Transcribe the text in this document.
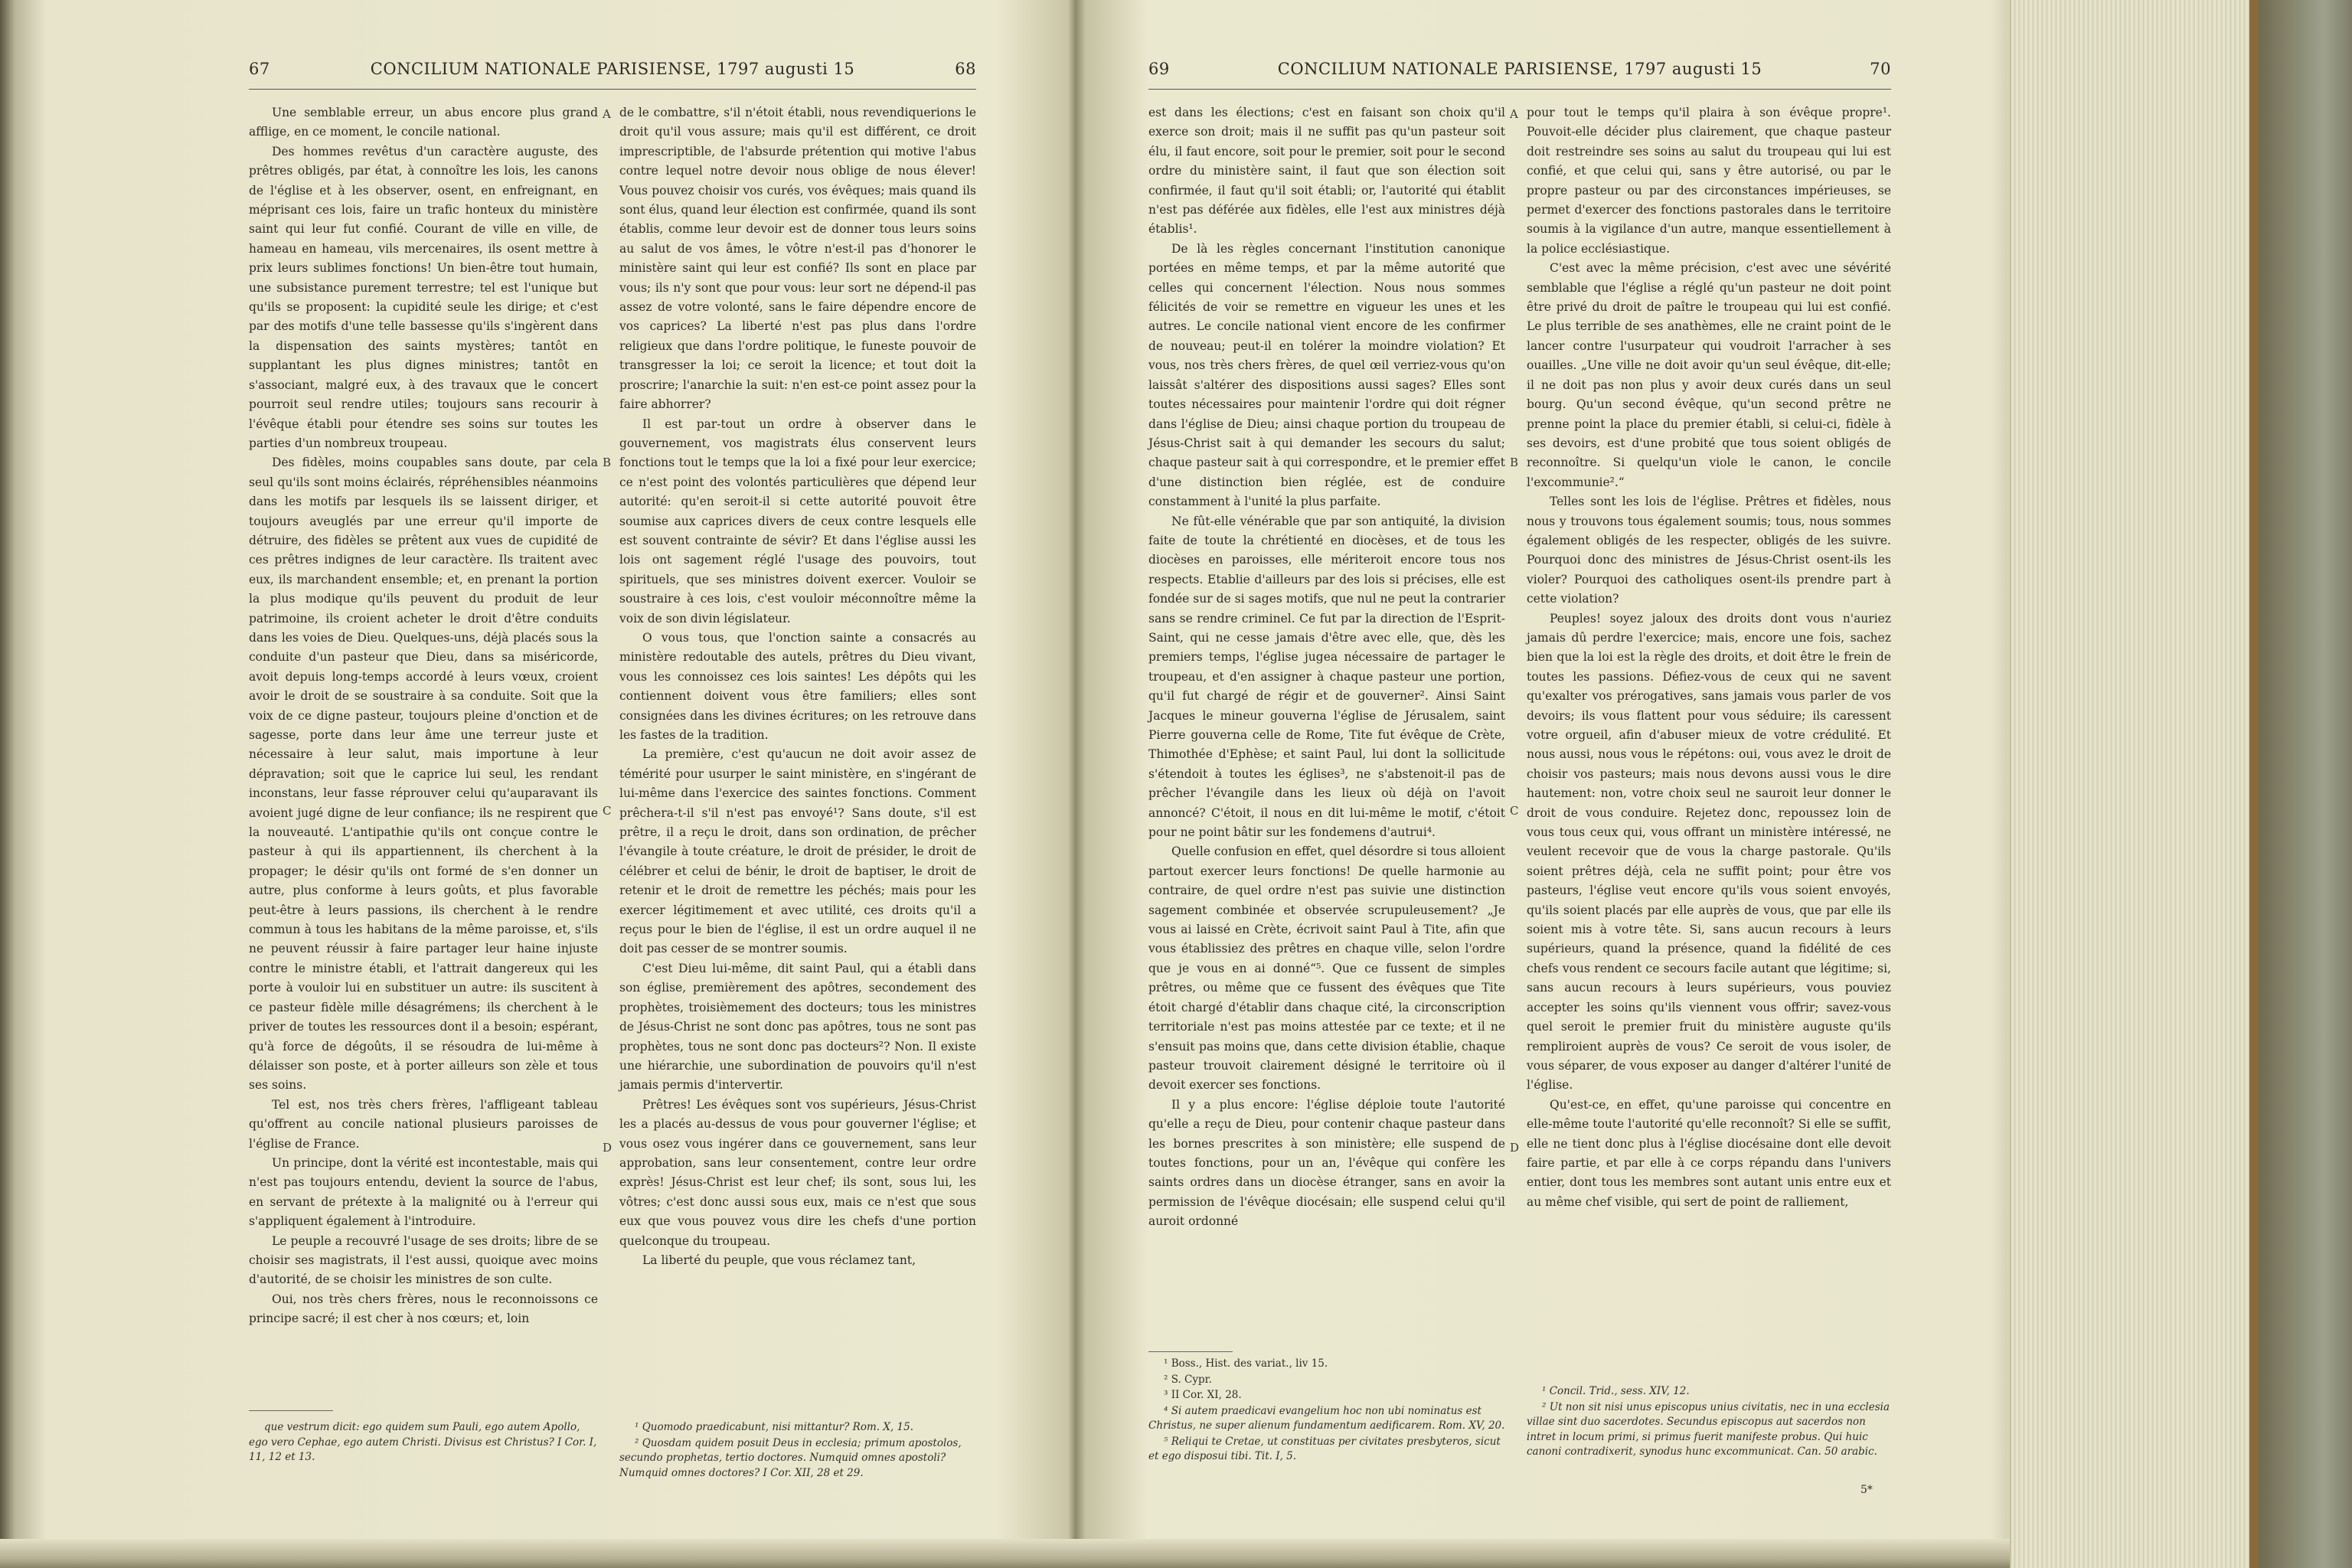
67	CONCILIUM NATIONALE PARISIENSE, 1797 augusti 15	68

Une semblable erreur, un abus encore plus grand afflige, en ce moment, le concile national.

Des hommes revêtus d'un caractère auguste, des prêtres obligés, par état, à connoître les lois, les canons de l'église et à les observer, osent, en enfreignant, en méprisant ces lois, faire un trafic honteux du ministère saint qui leur fut confié. Courant de ville en ville, de hameau en hameau, vils mercenaires, ils osent mettre à prix leurs sublimes fonctions! Un bien-être tout humain, une subsistance purement terrestre; tel est l'unique but qu'ils se proposent: la cupidité seule les dirige; et c'est par des motifs d'une telle bassesse qu'ils s'ingèrent dans la dispensation des saints mystères; tantôt en supplantant les plus dignes ministres; tantôt en s'associant, malgré eux, à des travaux que le concert pourroit seul rendre utiles; toujours sans recourir à l'évêque établi pour étendre ses soins sur toutes les parties d'un nombreux troupeau.

Des fidèles, moins coupables sans doute, par cela seul qu'ils sont moins éclairés, répréhensibles néanmoins dans les motifs par lesquels ils se laissent diriger, et toujours aveuglés par une erreur qu'il importe de détruire, des fidèles se prêtent aux vues de cupidité de ces prêtres indignes de leur caractère. Ils traitent avec eux, ils marchandent ensemble; et, en prenant la portion la plus modique qu'ils peuvent du produit de leur patrimoine, ils croient acheter le droit d'être conduits dans les voies de Dieu. Quelques-uns, déjà placés sous la conduite d'un pasteur que Dieu, dans sa miséricorde, avoit depuis long-temps accordé à leurs vœux, croient avoir le droit de se soustraire à sa conduite. Soit que la voix de ce digne pasteur, toujours pleine d'onction et de sagesse, porte dans leur âme une terreur juste et nécessaire à leur salut, mais importune à leur dépravation; soit que le caprice lui seul, les rendant inconstans, leur fasse réprouver celui qu'auparavant ils avoient jugé digne de leur confiance; ils ne respirent que la nouveauté. L'antipathie qu'ils ont conçue contre le pasteur à qui ils appartiennent, ils cherchent à la propager; le désir qu'ils ont formé de s'en donner un autre, plus conforme à leurs goûts, et plus favorable peut-être à leurs passions, ils cherchent à le rendre commun à tous les habitans de la même paroisse, et, s'ils ne peuvent réussir à faire partager leur haine injuste contre le ministre établi, et l'attrait dangereux qui les porte à vouloir lui en substituer un autre: ils suscitent à ce pasteur fidèle mille désagrémens; ils cherchent à le priver de toutes les ressources dont il a besoin; espérant, qu'à force de dégoûts, il se résoudra de lui-même à délaisser son poste, et à porter ailleurs son zèle et tous ses soins.

Tel est, nos très chers frères, l'affligeant tableau qu'offrent au concile national plusieurs paroisses de l'église de France.

Un principe, dont la vérité est incontestable, mais qui n'est pas toujours entendu, devient la source de l'abus, en servant de prétexte à la malignité ou à l'erreur qui s'appliquent également à l'introduire.

Le peuple a recouvré l'usage de ses droits; libre de se choisir ses magistrats, il l'est aussi, quoique avec moins d'autorité, de se choisir les ministres de son culte.

Oui, nos très chers frères, nous le reconnoissons ce principe sacré; il est cher à nos cœurs; et, loin

A
B
C
D

de le combattre, s'il n'étoit établi, nous revendiquerions le droit qu'il vous assure; mais qu'il est différent, ce droit imprescriptible, de l'absurde prétention qui motive l'abus contre lequel notre devoir nous oblige de nous élever! Vous pouvez choisir vos curés, vos évêques; mais quand ils sont élus, quand leur élection est confirmée, quand ils sont établis, comme leur devoir est de donner tous leurs soins au salut de vos âmes, le vôtre n'est-il pas d'honorer le ministère saint qui leur est confié? Ils sont en place par vous; ils n'y sont que pour vous: leur sort ne dépend-il pas assez de votre volonté, sans le faire dépendre encore de vos caprices? La liberté n'est pas plus dans l'ordre religieux que dans l'ordre politique, le funeste pouvoir de transgresser la loi; ce seroit la licence; et tout doit la proscrire; l'anarchie la suit: n'en est-ce point assez pour la faire abhorrer?

Il est par-tout un ordre à observer dans le gouvernement, vos magistrats élus conservent leurs fonctions tout le temps que la loi a fixé pour leur exercice; ce n'est point des volontés particulières que dépend leur autorité: qu'en seroit-il si cette autorité pouvoit être soumise aux caprices divers de ceux contre lesquels elle est souvent contrainte de sévir? Et dans l'église aussi les lois ont sagement réglé l'usage des pouvoirs, tout spirituels, que ses ministres doivent exercer. Vouloir se soustraire à ces lois, c'est vouloir méconnoître même la voix de son divin législateur.

O vous tous, que l'onction sainte a consacrés au ministère redoutable des autels, prêtres du Dieu vivant, vous les connoissez ces lois saintes! Les dépôts qui les contiennent doivent vous être familiers; elles sont consignées dans les divines écritures; on les retrouve dans les fastes de la tradition.

La première, c'est qu'aucun ne doit avoir assez de témérité pour usurper le saint ministère, en s'ingérant de lui-même dans l'exercice des saintes fonctions. Comment prêchera-t-il s'il n'est pas envoyé¹? Sans doute, s'il est prêtre, il a reçu le droit, dans son ordination, de prêcher l'évangile à toute créature, le droit de présider, le droit de célébrer et celui de bénir, le droit de baptiser, le droit de retenir et le droit de remettre les péchés; mais pour les exercer légitimement et avec utilité, ces droits qu'il a reçus pour le bien de l'église, il est un ordre auquel il ne doit pas cesser de se montrer soumis.

C'est Dieu lui-même, dit saint Paul, qui a établi dans son église, premièrement des apôtres, secondement des prophètes, troisièmement des docteurs; tous les ministres de Jésus-Christ ne sont donc pas apôtres, tous ne sont pas prophètes, tous ne sont donc pas docteurs²? Non. Il existe une hiérarchie, une subordination de pouvoirs qu'il n'est jamais permis d'intervertir.

Prêtres! Les évêques sont vos supérieurs, Jésus-Christ les a placés au-dessus de vous pour gouverner l'église; et vous osez vous ingérer dans ce gouvernement, sans leur approbation, sans leur consentement, contre leur ordre exprès! Jésus-Christ est leur chef; ils sont, sous lui, les vôtres; c'est donc aussi sous eux, mais ce n'est que sous eux que vous pouvez vous dire les chefs d'une portion quelconque du troupeau.

La liberté du peuple, que vous réclamez tant,

que vestrum dicit: ego quidem sum Pauli, ego autem Apollo, ego vero Cephae, ego autem Christi. Divisus est Christus? I Cor. I, 11, 12 et 13.
¹ Quomodo praedicabunt, nisi mittantur? Rom. X, 15.
² Quosdam quidem posuit Deus in ecclesia; primum apostolos, secundo prophetas, tertio doctores. Numquid omnes apostoli? Numquid omnes doctores? I Cor. XII, 28 et 29.
69	CONCILIUM NATIONALE PARISIENSE, 1797 augusti 15	70

est dans les élections; c'est en faisant son choix qu'il exerce son droit; mais il ne suffit pas qu'un pasteur soit élu, il faut encore, soit pour le premier, soit pour le second ordre du ministère saint, il faut que son élection soit confirmée, il faut qu'il soit établi; or, l'autorité qui établit n'est pas déférée aux fidèles, elle l'est aux ministres déjà établis¹.

De là les règles concernant l'institution canonique portées en même temps, et par la même autorité que celles qui concernent l'élection. Nous nous sommes félicités de voir se remettre en vigueur les unes et les autres. Le concile national vient encore de les confirmer de nouveau; peut-il en tolérer la moindre violation? Et vous, nos très chers frères, de quel œil verriez-vous qu'on laissât s'altérer des dispositions aussi sages? Elles sont toutes nécessaires pour maintenir l'ordre qui doit régner dans l'église de Dieu; ainsi chaque portion du troupeau de Jésus-Christ sait à qui demander les secours du salut; chaque pasteur sait à qui correspondre, et le premier effet d'une distinction bien réglée, est de conduire constamment à l'unité la plus parfaite.

Ne fût-elle vénérable que par son antiquité, la division faite de toute la chrétienté en diocèses, et de tous les diocèses en paroisses, elle mériteroit encore tous nos respects. Etablie d'ailleurs par des lois si précises, elle est fondée sur de si sages motifs, que nul ne peut la contrarier sans se rendre criminel. Ce fut par la direction de l'Esprit-Saint, qui ne cesse jamais d'être avec elle, que, dès les premiers temps, l'église jugea nécessaire de partager le troupeau, et d'en assigner à chaque pasteur une portion, qu'il fut chargé de régir et de gouverner². Ainsi Saint Jacques le mineur gouverna l'église de Jérusalem, saint Pierre gouverna celle de Rome, Tite fut évêque de Crète, Thimothée d'Ephèse; et saint Paul, lui dont la sollicitude s'étendoit à toutes les églises³, ne s'abstenoit-il pas de prêcher l'évangile dans les lieux où déjà on l'avoit annoncé? C'étoit, il nous en dit lui-même le motif, c'étoit pour ne point bâtir sur les fondemens d'autrui⁴.

Quelle confusion en effet, quel désordre si tous alloient partout exercer leurs fonctions! De quelle harmonie au contraire, de quel ordre n'est pas suivie une distinction sagement combinée et observée scrupuleusement? „Je vous ai laissé en Crète, écrivoit saint Paul à Tite, afin que vous établissiez des prêtres en chaque ville, selon l'ordre que je vous en ai donné“⁵. Que ce fussent de simples prêtres, ou même que ce fussent des évêques que Tite étoit chargé d'établir dans chaque cité, la circonscription territoriale n'est pas moins attestée par ce texte; et il ne s'ensuit pas moins que, dans cette division établie, chaque pasteur trouvoit clairement désigné le territoire où il devoit exercer ses fonctions.

Il y a plus encore: l'église déploie toute l'autorité qu'elle a reçu de Dieu, pour contenir chaque pasteur dans les bornes prescrites à son ministère; elle suspend de toutes fonctions, pour un an, l'évêque qui confère les saints ordres dans un diocèse étranger, sans en avoir la permission de l'évêque diocésain; elle suspend celui qu'il auroit ordonné

A
B
C
D

pour tout le temps qu'il plaira à son évêque propre¹. Pouvoit-elle décider plus clairement, que chaque pasteur doit restreindre ses soins au salut du troupeau qui lui est confié, et que celui qui, sans y être autorisé, ou par le propre pasteur ou par des circonstances impérieuses, se permet d'exercer des fonctions pastorales dans le territoire soumis à la vigilance d'un autre, manque essentiellement à la police ecclésiastique.

C'est avec la même précision, c'est avec une sévérité semblable que l'église a réglé qu'un pasteur ne doit point être privé du droit de paître le troupeau qui lui est confié. Le plus terrible de ses anathèmes, elle ne craint point de le lancer contre l'usurpateur qui voudroit l'arracher à ses ouailles. „Une ville ne doit avoir qu'un seul évêque, dit-elle; il ne doit pas non plus y avoir deux curés dans un seul bourg. Qu'un second évêque, qu'un second prêtre ne prenne point la place du premier établi, si celui-ci, fidèle à ses devoirs, est d'une probité que tous soient obligés de reconnoître. Si quelqu'un viole le canon, le concile l'excommunie².“

Telles sont les lois de l'église. Prêtres et fidèles, nous nous y trouvons tous également soumis; tous, nous sommes également obligés de les respecter, obligés de les suivre. Pourquoi donc des ministres de Jésus-Christ osent-ils les violer? Pourquoi des catholiques osent-ils prendre part à cette violation?

Peuples! soyez jaloux des droits dont vous n'auriez jamais dû perdre l'exercice; mais, encore une fois, sachez bien que la loi est la règle des droits, et doit être le frein de toutes les passions. Défiez-vous de ceux qui ne savent qu'exalter vos prérogatives, sans jamais vous parler de vos devoirs; ils vous flattent pour vous séduire; ils caressent votre orgueil, afin d'abuser mieux de votre crédulité. Et nous aussi, nous vous le répétons: oui, vous avez le droit de choisir vos pasteurs; mais nous devons aussi vous le dire hautement: non, votre choix seul ne sauroit leur donner le droit de vous conduire. Rejetez donc, repoussez loin de vous tous ceux qui, vous offrant un ministère intéressé, ne veulent recevoir que de vous la charge pastorale. Qu'ils soient prêtres déjà, cela ne suffit point; pour être vos pasteurs, l'église veut encore qu'ils vous soient envoyés, qu'ils soient placés par elle auprès de vous, que par elle ils soient mis à votre tête. Si, sans aucun recours à leurs supérieurs, quand la présence, quand la fidélité de ces chefs vous rendent ce secours facile autant que légitime; si, sans aucun recours à leurs supérieurs, vous pouviez accepter les soins qu'ils viennent vous offrir; savez-vous quel seroit le premier fruit du ministère auguste qu'ils rempliroient auprès de vous? Ce seroit de vous isoler, de vous séparer, de vous exposer au danger d'altérer l'unité de l'église.

Qu'est-ce, en effet, qu'une paroisse qui concentre en elle-même toute l'autorité qu'elle reconnoît? Si elle se suffit, elle ne tient donc plus à l'église diocésaine dont elle devoit faire partie, et par elle à ce corps répandu dans l'univers entier, dont tous les membres sont autant unis entre eux et au même chef visible, qui sert de point de ralliement,

¹ Boss., Hist. des variat., liv 15.
² S. Cypr.
³ II Cor. XI, 28.
⁴ Si autem praedicavi evangelium hoc non ubi nominatus est Christus, ne super alienum fundamentum aedificarem. Rom. XV, 20.
⁵ Reliqui te Cretae, ut constituas per civitates presbyteros, sicut et ego disposui tibi. Tit. I, 5.
¹ Concil. Trid., sess. XIV, 12.
² Ut non sit nisi unus episcopus unius civitatis, nec in una ecclesia villae sint duo sacerdotes. Secundus episcopus aut sacerdos non intret in locum primi, si primus fuerit manifeste probus. Qui huic canoni contradixerit, synodus hunc excommunicat. Can. 50 arabic.
5*
